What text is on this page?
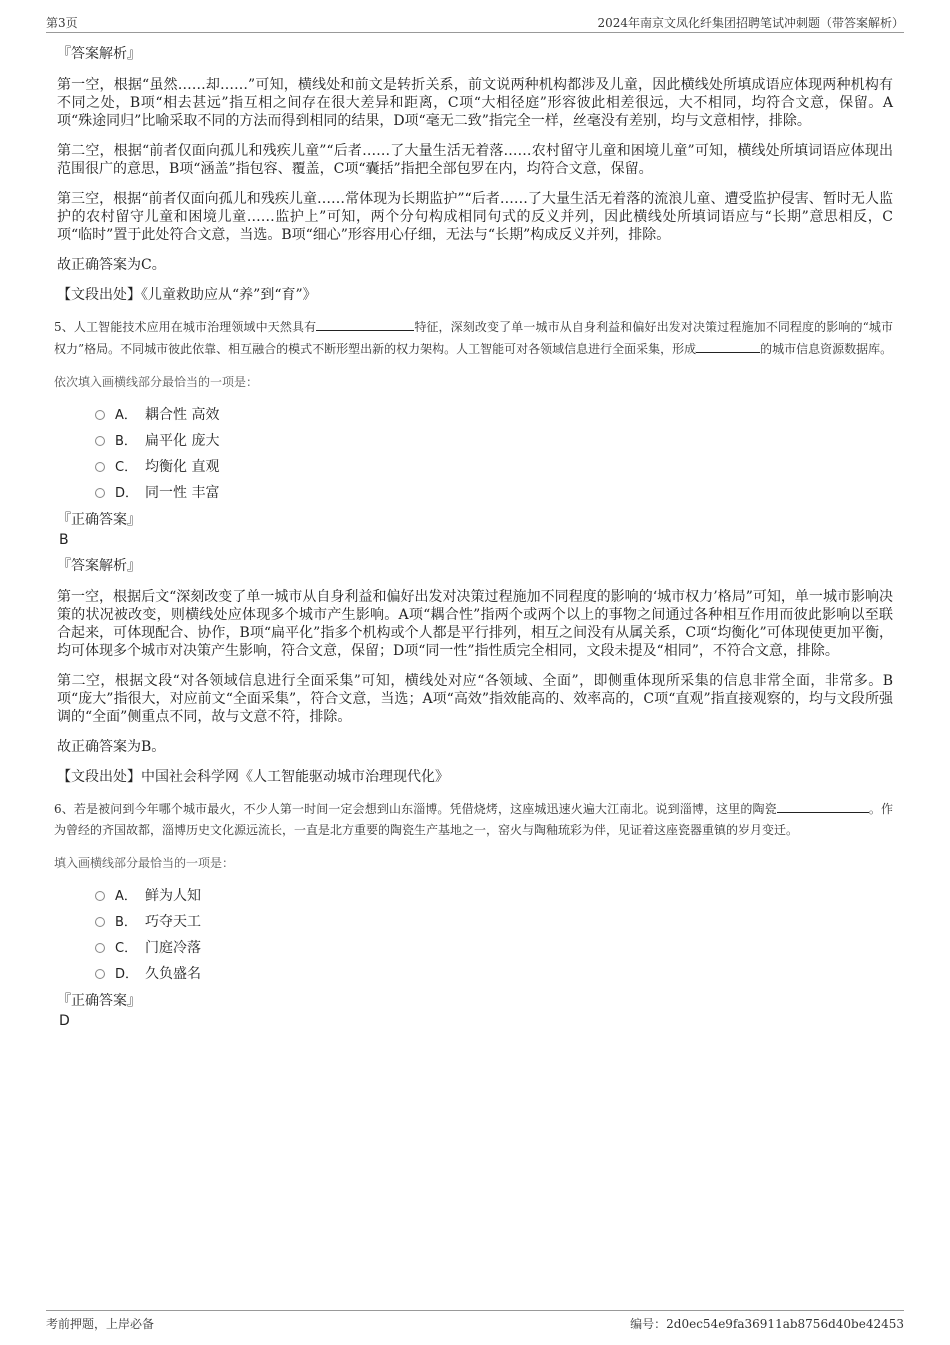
第3页	2024年南京文凤化纤集团招聘笔试冲刺题（带答案解析）
『答案解析』

第一空，根据“虽然……却……”可知，横线处和前文是转折关系，前文说两种机构都涉及儿童，因此横线处所填成语应体现两种机构有不同之处，B项“相去甚远”指互相之间存在很大差异和距离，C项“大相径庭”形容彼此相差很远，大不相同，均符合文意，保留。A项“殊途同归”比喻采取不同的方法而得到相同的结果，D项“毫无二致”指完全一样，丝毫没有差别，均与文意相悖，排除。

第二空，根据“前者仅面向孤儿和残疾儿童”“后者……了大量生活无着落……农村留守儿童和困境儿童”可知，横线处所填词语应体现出范围很广的意思，B项“涵盖”指包容、覆盖，C项“囊括”指把全部包罗在内，均符合文意，保留。

第三空，根据“前者仅面向孤儿和残疾儿童……常体现为长期监护”“后者……了大量生活无着落的流浪儿童、遭受监护侵害、暂时无人监护的农村留守儿童和困境儿童……监护上”可知，两个分句构成相同句式的反义并列，因此横线处所填词语应与“长期”意思相反，C项“临时”置于此处符合文意，当选。B项“细心”形容用心仔细，无法与“长期”构成反义并列，排除。

故正确答案为C。

【文段出处】《儿童救助应从“养”到“育”》

5、人工智能技术应用在城市治理领域中天然具有	特征，深刻改变了单一城市从自身利益和偏好出发对决策过程施加不同程度的影响的“城市权力”格局。不同城市彼此依靠、相互融合的模式不断形塑出新的权力架构。人工智能可对各领域信息进行全面采集，形成	的城市信息资源数据库。

依次填入画横线部分最恰当的一项是：
A． 耦合性 高效
B． 扁平化 庞大
C． 均衡化 直观
D． 同一性 丰富
『正确答案』
B
『答案解析』

第一空，根据后文“深刻改变了单一城市从自身利益和偏好出发对决策过程施加不同程度的影响的‘城市权力’格局”可知，单一城市影响决策的状况被改变，则横线处应体现多个城市产生影响。A项“耦合性”指两个或两个以上的事物之间通过各种相互作用而彼此影响以至联合起来，可体现配合、协作，B项“扁平化”指多个机构或个人都是平行排列，相互之间没有从属关系，C项“均衡化”可体现使更加平衡，均可体现多个城市对决策产生影响，符合文意，保留；D项“同一性”指性质完全相同，文段未提及“相同”，不符合文意，排除。

第二空，根据文段“对各领域信息进行全面采集”可知，横线处对应“各领域、全面”，即侧重体现所采集的信息非常全面，非常多。B项“庞大”指很大，对应前文“全面采集”，符合文意，当选；A项“高效”指效能高的、效率高的，C项“直观”指直接观察的，均与文段所强调的“全面”侧重点不同，故与文意不符，排除。

故正确答案为B。

【文段出处】中国社会科学网《人工智能驱动城市治理现代化》

6、若是被问到今年哪个城市最火，不少人第一时间一定会想到山东淄博。凭借烧烤，这座城迅速火遍大江南北。说到淄博，这里的陶瓷	。作为曾经的齐国故都，淄博历史文化源远流长，一直是北方重要的陶瓷生产基地之一，窑火与陶釉琉彩为伴，见证着这座瓷器重镇的岁月变迁。

填入画横线部分最恰当的一项是：
A． 鲜为人知
B． 巧夺天工
C． 门庭冷落
D． 久负盛名
『正确答案』
D
考前押题，上岸必备	编号：2d0ec54e9fa36911ab8756d40be42453
